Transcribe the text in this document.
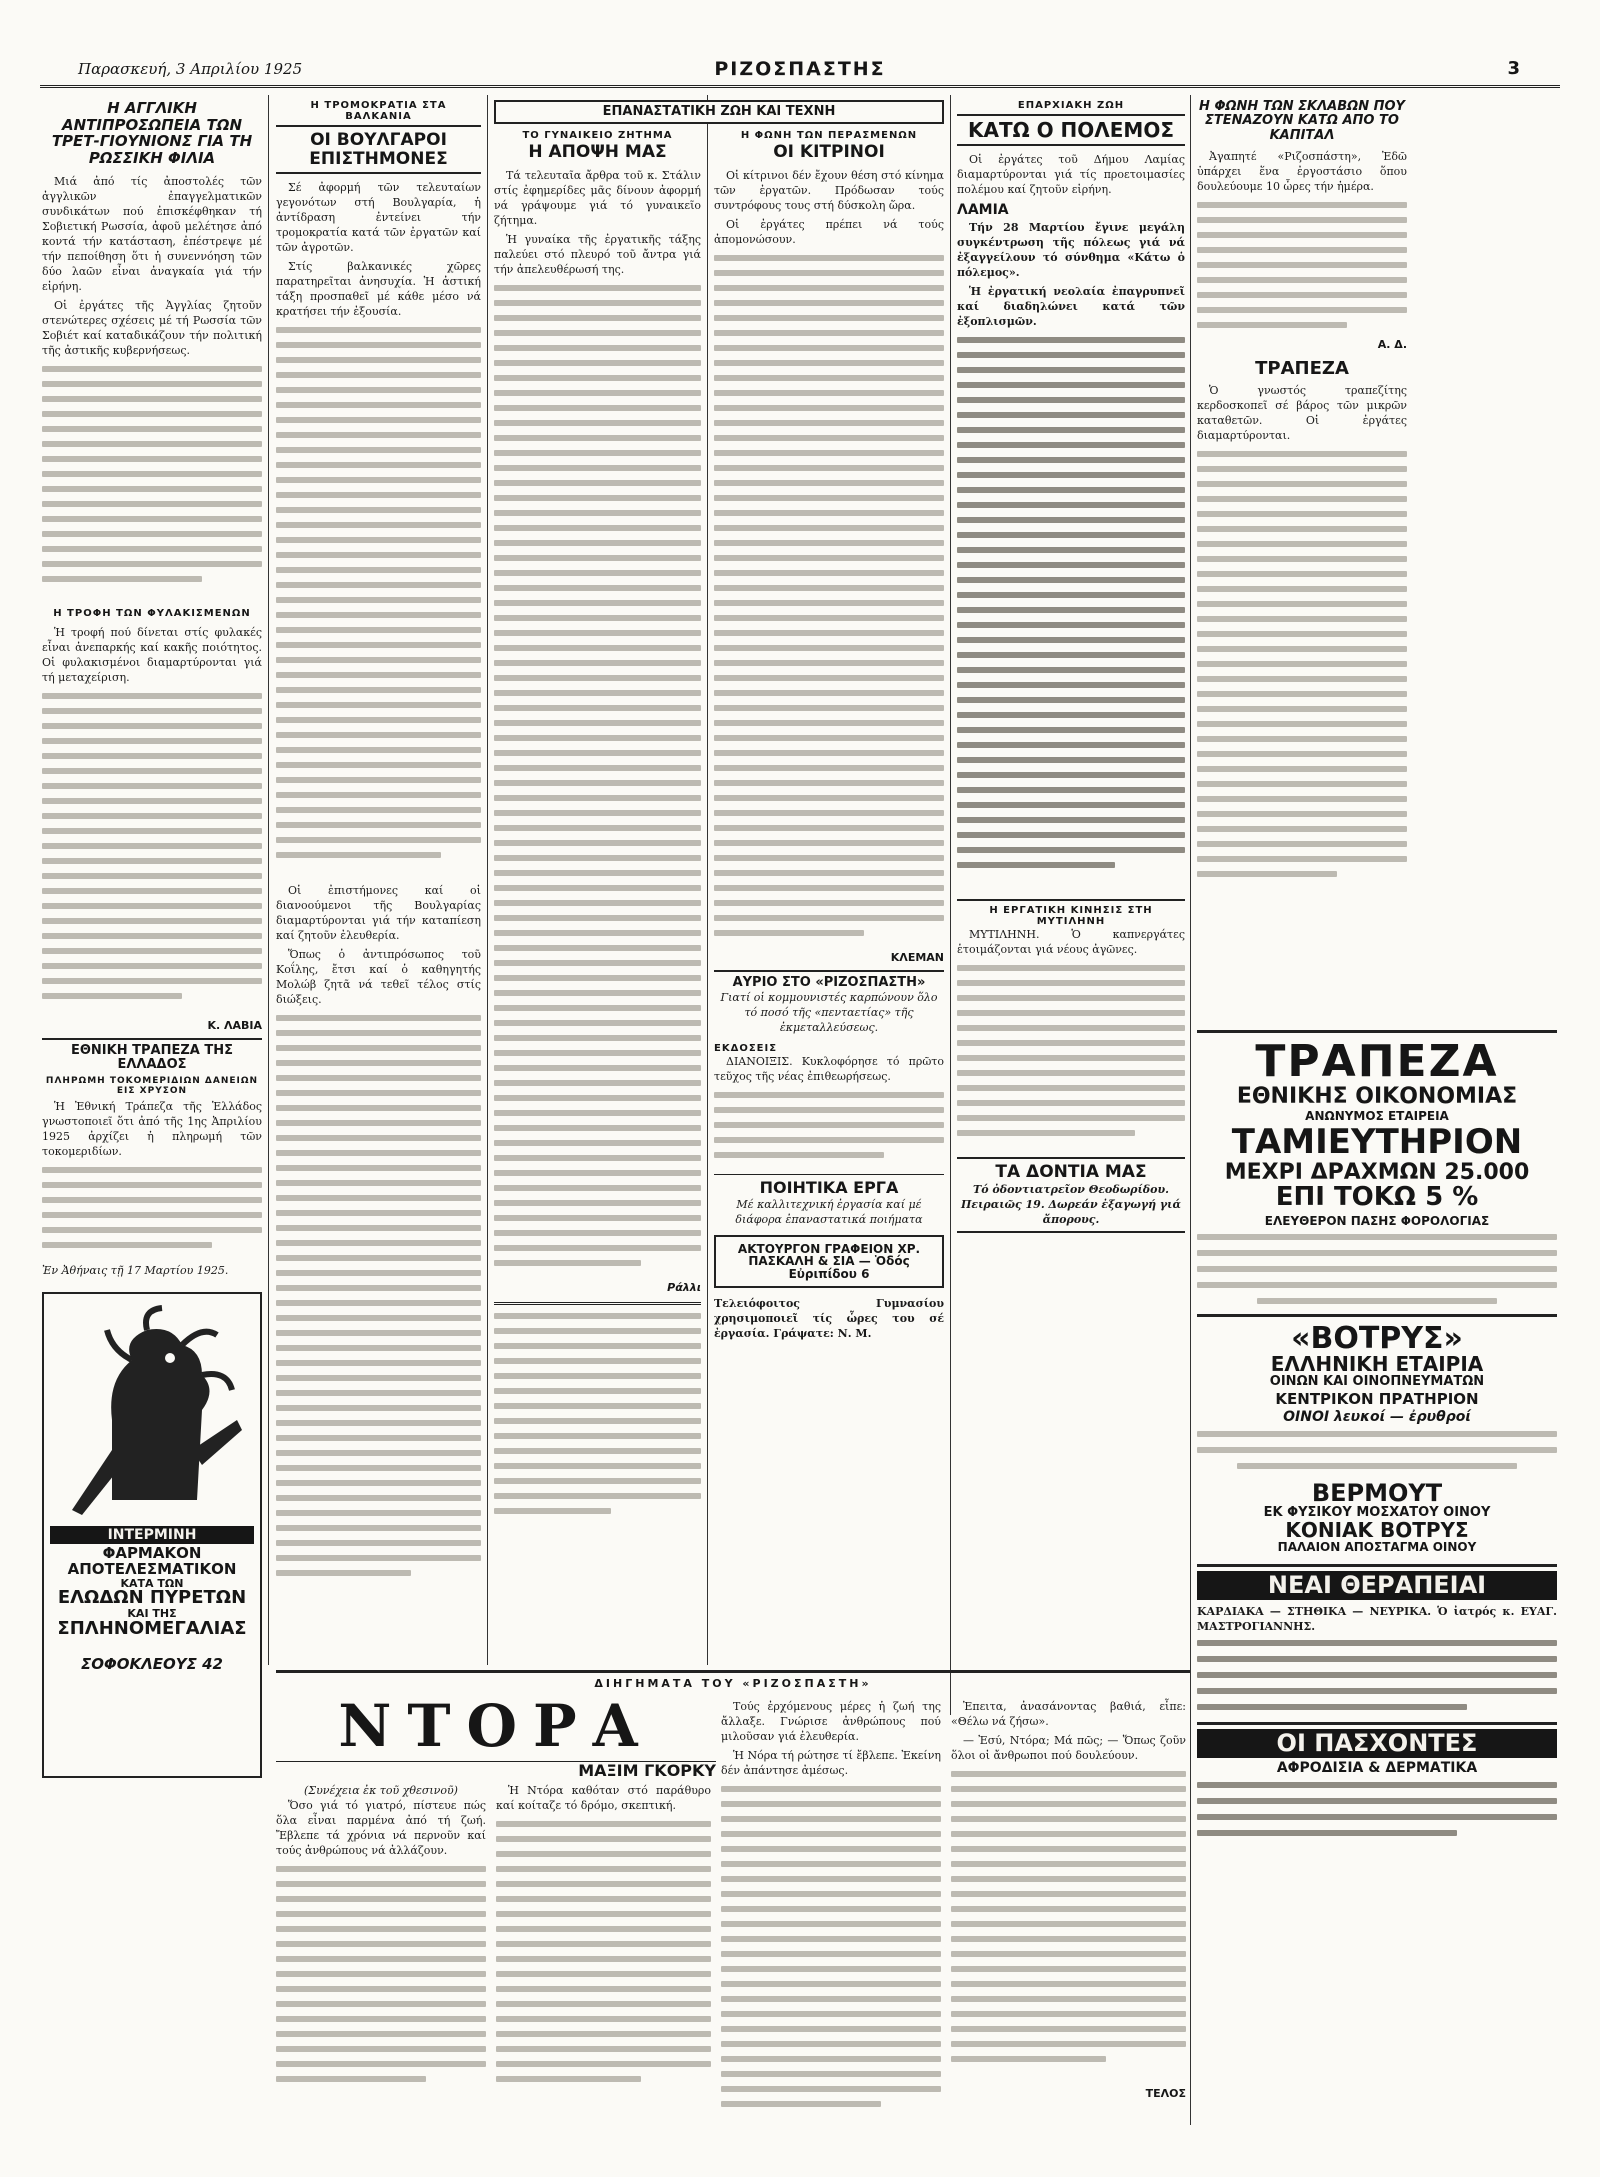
Παρασκευή, 3 Απριλίου 1925	ΡΙΖΟΣΠΑΣΤΗΣ	3
Η ΑΓΓΛΙΚΗ ΑΝΤΙΠΡΟΣΩΠΕΙΑ ΤΩΝ ΤΡΕΤ-ΓΙΟΥΝΙΟΝΣ ΓΙΑ ΤΗ ΡΩΣΣΙΚΗ ΦΙΛΙΑ

Μιά ἀπό τίς ἀποστολές τῶν ἀγγλικῶν ἐπαγγελματικῶν συνδικάτων πού ἐπισκέφθηκαν τή Σοβιετική Ρωσσία, ἀφοῦ μελέτησε ἀπό κοντά τήν κατάσταση, ἐπέστρεψε μέ τήν πεποίθηση ὅτι ἡ συνεννόηση τῶν δύο λαῶν εἶναι ἀναγκαία γιά τήν εἰρήνη.

Οἱ ἐργάτες τῆς Ἀγγλίας ζητοῦν στενώτερες σχέσεις μέ τή Ρωσσία τῶν Σοβιέτ καί καταδικάζουν τήν πολιτική τῆς ἀστικῆς κυβερνήσεως.

Η ΤΡΟΦΗ ΤΩΝ ΦΥΛΑΚΙΣΜΕΝΩΝ

Ἡ τροφή πού δίνεται στίς φυλακές εἶναι ἀνεπαρκής καί κακῆς ποιότητος. Οἱ φυλακισμένοι διαμαρτύρονται γιά τή μεταχείριση.

Κ. ΛΑΒΙΑ
ΕΘΝΙΚΗ ΤΡΑΠΕΖΑ ΤΗΣ ΕΛΛΑΔΟΣ
ΠΛΗΡΩΜΗ ΤΟΚΟΜΕΡΙΔΙΩΝ ΔΑΝΕΙΩΝ ΕΙΣ ΧΡΥΣΟΝ

Ἡ Ἐθνική Τράπεζα τῆς Ἑλλάδος γνωστοποιεῖ ὅτι ἀπό τῆς 1ης Ἀπριλίου 1925 ἀρχίζει ἡ πληρωμή τῶν τοκομεριδίων.

Ἐν Ἀθήναις τῇ 17 Μαρτίου 1925.
ΙΝΤΕΡΜΙΝΗ
ΦΑΡΜΑΚΟΝ
ΑΠΟΤΕΛΕΣΜΑΤΙΚΟΝ
ΚΑΤΑ ΤΩΝ
ΕΛΩΔΩΝ ΠΥΡΕΤΩΝ
ΚΑΙ ΤΗΣ
ΣΠΛΗΝΟΜΕΓΑΛΙΑΣ
ΣΟΦΟΚΛΕΟΥΣ 42
Η ΤΡΟΜΟΚΡΑΤΙΑ ΣΤΑ ΒΑΛΚΑΝΙΑ
ΟΙ ΒΟΥΛΓΑΡΟΙ ΕΠΙΣΤΗΜΟΝΕΣ

Σέ ἀφορμή τῶν τελευταίων γεγονότων στή Βουλγαρία, ἡ ἀντίδραση ἐντείνει τήν τρομοκρατία κατά τῶν ἐργατῶν καί τῶν ἀγροτῶν.

Στίς βαλκανικές χῶρες παρατηρεῖται ἀνησυχία. Ἡ ἀστική τάξη προσπαθεῖ μέ κάθε μέσο νά κρατήσει τήν ἐξουσία.

Οἱ ἐπιστήμονες καί οἱ διανοούμενοι τῆς Βουλγαρίας διαμαρτύρονται γιά τήν καταπίεση καί ζητοῦν ἐλευθερία.

Ὅπως ὁ ἀντιπρόσωπος τοῦ Κοΐλης, ἔτσι καί ὁ καθηγητής Μολώβ ζητᾶ νά τεθεῖ τέλος στίς διώξεις.

ΕΠΑΝΑΣΤΑΤΙΚΗ ΖΩΗ ΚΑΙ ΤΕΧΝΗ
ΤΟ ΓΥΝΑΙΚΕΙΟ ΖΗΤΗΜΑ
Η ΑΠΟΨΗ ΜΑΣ

Τά τελευταῖα ἄρθρα τοῦ κ. Στάλιν στίς ἐφημερίδες μᾶς δίνουν ἀφορμή νά γράψουμε γιά τό γυναικεῖο ζήτημα.

Ἡ γυναίκα τῆς ἐργατικῆς τάξης παλεύει στό πλευρό τοῦ ἄντρα γιά τήν ἀπελευθέρωσή της.

Ράλλι
Η ΦΩΝΗ ΤΩΝ ΠΕΡΑΣΜΕΝΩΝ
ΟΙ ΚΙΤΡΙΝΟΙ

Οἱ κίτρινοι δέν ἔχουν θέση στό κίνημα τῶν ἐργατῶν. Πρόδωσαν τούς συντρόφους τους στή δύσκολη ὥρα.

Οἱ ἐργάτες πρέπει νά τούς ἀπομονώσουν.

ΚΛΕΜΑΝ
ΑΥΡΙΟ ΣΤΟ «ΡΙΖΟΣΠΑΣΤΗ»
Γιατί οἱ κομμουνιστές καρπώνουν ὅλο τό ποσό τῆς «πενταετίας» τῆς ἐκμεταλλεύσεως.
ΕΚΔΟΣΕΙΣ

ΔΙΑΝΟΙΞΙΣ. Κυκλοφόρησε τό πρῶτο τεῦχος τῆς νέας ἐπιθεωρήσεως.

ΠΟΙΗΤΙΚΑ ΕΡΓΑ
Μέ καλλιτεχνική ἐργασία καί μέ διάφορα ἐπαναστατικά ποιήματα
ΑΚΤΟΥΡΓΟΝ ΓΡΑΦΕΙΟΝ ΧΡ. ΠΑΣΚΑΛΗ & ΣΙΑ — Ὁδός Εὐριπίδου 6
Τελειόφοιτος Γυμνασίου χρησιμοποιεῖ τίς ὧρες του σέ ἐργασία. Γράψατε: Ν. Μ.
ΕΠΑΡΧΙΑΚΗ ΖΩΗ
ΚΑΤΩ Ο ΠΟΛΕΜΟΣ

Οἱ ἐργάτες τοῦ Δήμου Λαμίας διαμαρτύρονται γιά τίς προετοιμασίες πολέμου καί ζητοῦν εἰρήνη.

ΛΑΜΙΑ

Τήν 28 Μαρτίου ἔγινε μεγάλη συγκέντρωση τῆς πόλεως γιά νά ἐξαγγείλουν τό σύνθημα «Κάτω ὁ πόλεμος».

Ἡ ἐργατική νεολαία ἐπαγρυπνεῖ καί διαδηλώνει κατά τῶν ἐξοπλισμῶν.

Η ΕΡΓΑΤΙΚΗ ΚΙΝΗΣΙΣ ΣΤΗ ΜΥΤΙΛΗΝΗ

ΜΥΤΙΛΗΝΗ. Ὁ καπνεργάτες ἑτοιμάζονται γιά νέους ἀγῶνες.

ΤΑ ΔΟΝΤΙΑ ΜΑΣ
Τό ὀδοντιατρεῖον Θεοδωρίδου. Πειραιῶς 19. Δωρεάν ἐξαγωγή γιά ἄπορους.
Η ΦΩΝΗ ΤΩΝ ΣΚΛΑΒΩΝ ΠΟΥ ΣΤΕΝΑΖΟΥΝ ΚΑΤΩ ΑΠΟ ΤΟ ΚΑΠΙΤΑΛ

Ἀγαπητέ «Ριζοσπάστη», Ἐδῶ ὑπάρχει ἕνα ἐργοστάσιο ὅπου δουλεύουμε 10 ὧρες τήν ἡμέρα.

Α. Δ.
ΤΡΑΠΕΖΑ

Ὁ γνωστός τραπεζίτης κερδοσκοπεῖ σέ βάρος τῶν μικρῶν καταθετῶν. Οἱ ἐργάτες διαμαρτύρονται.

ΤΡΑΠΕΖΑ
ΕΘΝΙΚΗΣ ΟΙΚΟΝΟΜΙΑΣ
ΑΝΩΝΥΜΟΣ ΕΤΑΙΡΕΙΑ
ΤΑΜΙΕΥΤΗΡΙΟΝ
ΜΕΧΡΙ ΔΡΑΧΜΩΝ 25.000
ΕΠΙ ΤΟΚΩ 5 %
ΕΛΕΥΘΕΡΟΝ ΠΑΣΗΣ ΦΟΡΟΛΟΓΙΑΣ
«ΒΟΤΡΥΣ»
ΕΛΛΗΝΙΚΗ ΕΤΑΙΡΙΑ
ΟΙΝΩΝ ΚΑΙ ΟΙΝΟΠΝΕΥΜΑΤΩΝ
ΚΕΝΤΡΙΚΟΝ ΠΡΑΤΗΡΙΟΝ
ΟΙΝΟΙ λευκοί — ἐρυθροί
ΒΕΡΜΟΥΤ
ΕΚ ΦΥΣΙΚΟΥ ΜΟΣΧΑΤΟΥ ΟΙΝΟΥ
ΚΟΝΙΑΚ ΒΟΤΡΥΣ
ΠΑΛΑΙΟΝ ΑΠΟΣΤΑΓΜΑ ΟΙΝΟΥ
ΝΕΑΙ ΘΕΡΑΠΕΙΑΙ
ΚΑΡΔΙΑΚΑ — ΣΤΗΘΙΚΑ — ΝΕΥΡΙΚΑ. Ὁ ἰατρός κ. ΕΥΑΓ. ΜΑΣΤΡΟΓΙΑΝΝΗΣ.
ΟΙ ΠΑΣΧΟΝΤΕΣ
ΑΦΡΟΔΙΣΙΑ & ΔΕΡΜΑΤΙΚΑ
ΔΙΗΓΗΜΑΤΑ ΤΟΥ «ΡΙΖΟΣΠΑΣΤΗ»
ΝΤΟΡΑ
ΜΑΞΙΜ ΓΚΟΡΚΥ
(Συνέχεια ἐκ τοῦ χθεσινοῦ)

Ὅσο γιά τό γιατρό, πίστευε πώς ὅλα εἶναι παρμένα ἀπό τή ζωή. Ἔβλεπε τά χρόνια νά περνοῦν καί τούς ἀνθρώπους νά ἀλλάζουν.

Ἡ Ντόρα καθόταν στό παράθυρο καί κοίταζε τό δρόμο, σκεπτική.

Τούς ἐρχόμενους μέρες ἡ ζωή της ἄλλαξε. Γνώρισε ἀνθρώπους πού μιλοῦσαν γιά ἐλευθερία.

Ἡ Νόρα τή ρώτησε τί ἔβλεπε. Ἐκείνη δέν ἀπάντησε ἀμέσως.

Ἐπειτα, ἀνασάνοντας βαθιά, εἶπε: «Θέλω νά ζήσω».

— Ἐσύ, Ντόρα; Μά πῶς; — Ὅπως ζοῦν ὅλοι οἱ ἄνθρωποι πού δουλεύουν.

ΤΕΛΟΣ
